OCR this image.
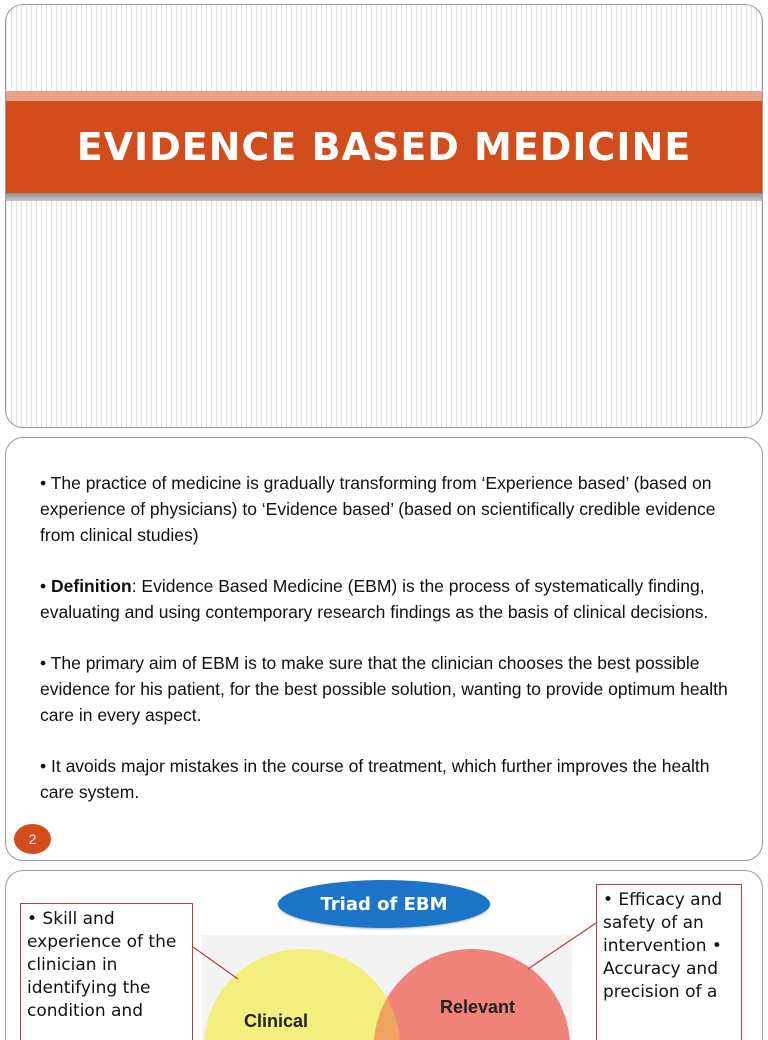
EVIDENCE BASED MEDICINE

• The practice of medicine is gradually transforming from ‘Experience based’ (based on experience of physicians) to ‘Evidence based’ (based on scientifically credible evidence from clinical studies)

• Definition: Evidence Based Medicine (EBM) is the process of systematically finding, evaluating and using contemporary research findings as the basis of clinical decisions.

• The primary aim of EBM is to make sure that the clinician chooses the best possible evidence for his patient, for the best possible solution, wanting to provide optimum health care in every aspect.

• It avoids major mistakes in the course of treatment, which further improves the health care system.

2
Clinical
Relevant
Triad of EBM
• Skill and experience of the clinician in identifying the condition and
• Efficacy and safety of an intervention • Accuracy and precision of a
